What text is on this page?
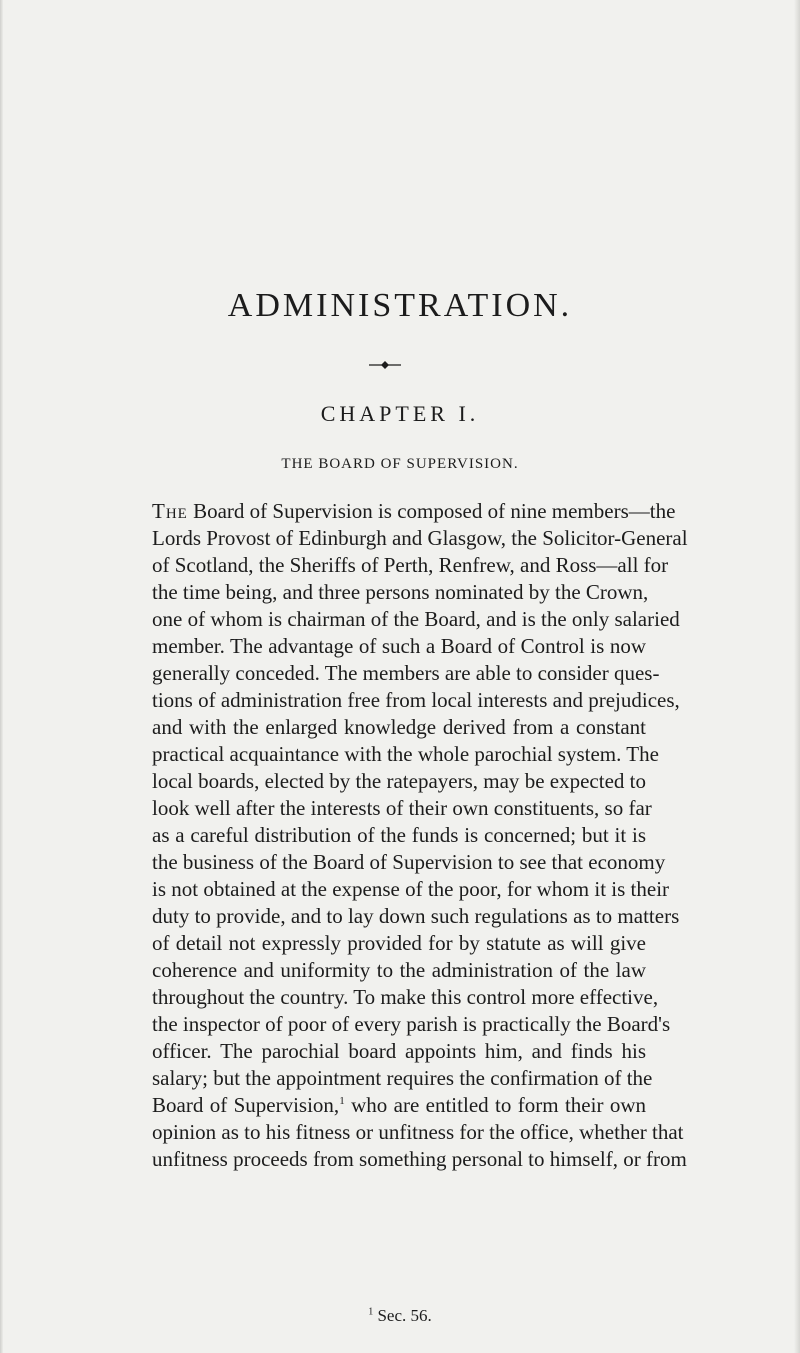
ADMINISTRATION.
CHAPTER I.
THE BOARD OF SUPERVISION.
The Board of Supervision is composed of nine members—the
Lords Provost of Edinburgh and Glasgow, the Solicitor-General
of Scotland, the Sheriffs of Perth, Renfrew, and Ross—all for
the time being, and three persons nominated by the Crown,
one of whom is chairman of the Board, and is the only salaried
member. The advantage of such a Board of Control is now
generally conceded. The members are able to consider ques-
tions of administration free from local interests and prejudices,
and with the enlarged knowledge derived from a constant
practical acquaintance with the whole parochial system. The
local boards, elected by the ratepayers, may be expected to
look well after the interests of their own constituents, so far
as a careful distribution of the funds is concerned; but it is
the business of the Board of Supervision to see that economy
is not obtained at the expense of the poor, for whom it is their
duty to provide, and to lay down such regulations as to matters
of detail not expressly provided for by statute as will give
coherence and uniformity to the administration of the law
throughout the country. To make this control more effective,
the inspector of poor of every parish is practically the Board's
officer. The parochial board appoints him, and finds his
salary; but the appointment requires the confirmation of the
Board of Supervision,$^1$ who are entitled to form their own
opinion as to his fitness or unfitness for the office, whether that
unfitness proceeds from something personal to himself, or from

$^1$ Sec. 56.
